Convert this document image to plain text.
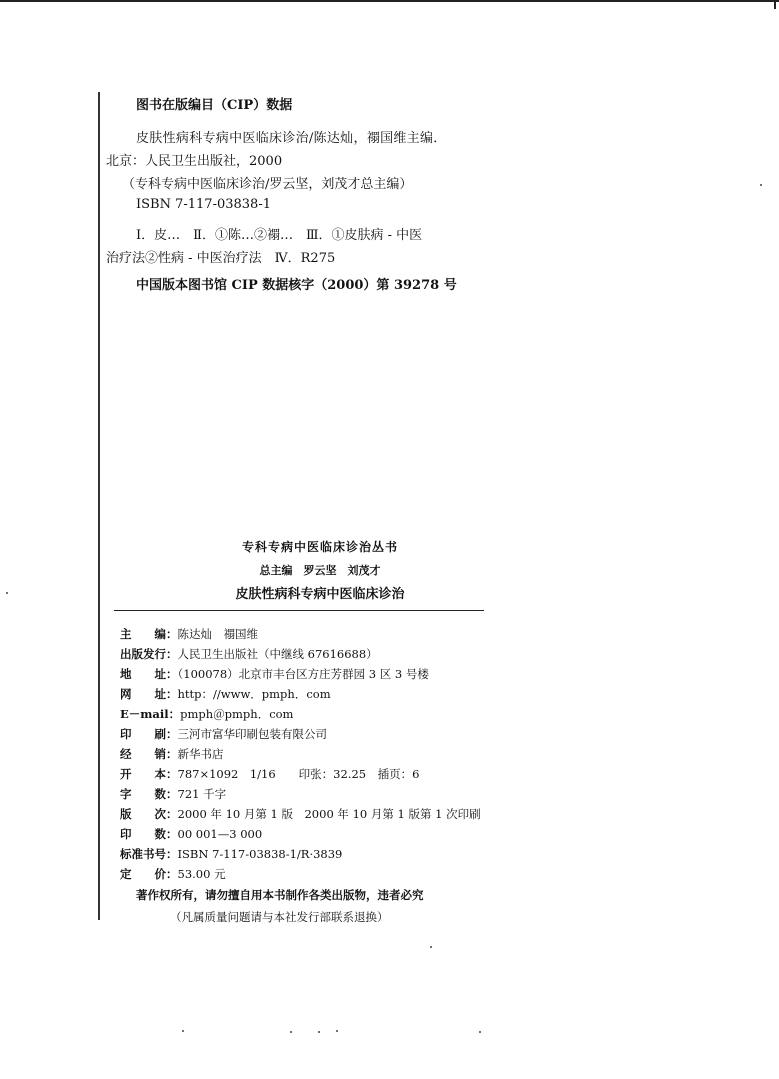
图书在版编目（CIP）数据
皮肤性病科专病中医临床诊治/陈达灿，禤国维主编．
北京：人民卫生出版社，2000
（专科专病中医临床诊治/罗云坚，刘茂才总主编）
ISBN 7-117-03838-1
Ⅰ．皮…　Ⅱ．①陈…②禤…　Ⅲ．①皮肤病 - 中医
治疗法②性病 - 中医治疗法　Ⅳ．R275
中国版本图书馆 CIP 数据核字（2000）第 39278 号
专科专病中医临床诊治丛书
总主编　罗云坚　刘茂才
皮肤性病科专病中医临床诊治
主　　编：陈达灿　禤国维
出版发行：人民卫生出版社（中继线 67616688）
地　　址：（100078）北京市丰台区方庄芳群园 3 区 3 号楼
网　　址：http：//www．pmph．com
E－mail：pmph＠pmph．com
印　　刷：三河市富华印刷包装有限公司
经　　销：新华书店
开　　本：787×1092　1/16　　印张：32.25　插页：6
字　　数：721 千字
版　　次：2000 年 10 月第 1 版　2000 年 10 月第 1 版第 1 次印刷
印　　数：00 001—3 000
标准书号：ISBN 7-117-03838-1/R·3839
定　　价：53.00 元
著作权所有，请勿擅自用本书制作各类出版物，违者必究
（凡属质量问题请与本社发行部联系退换）
